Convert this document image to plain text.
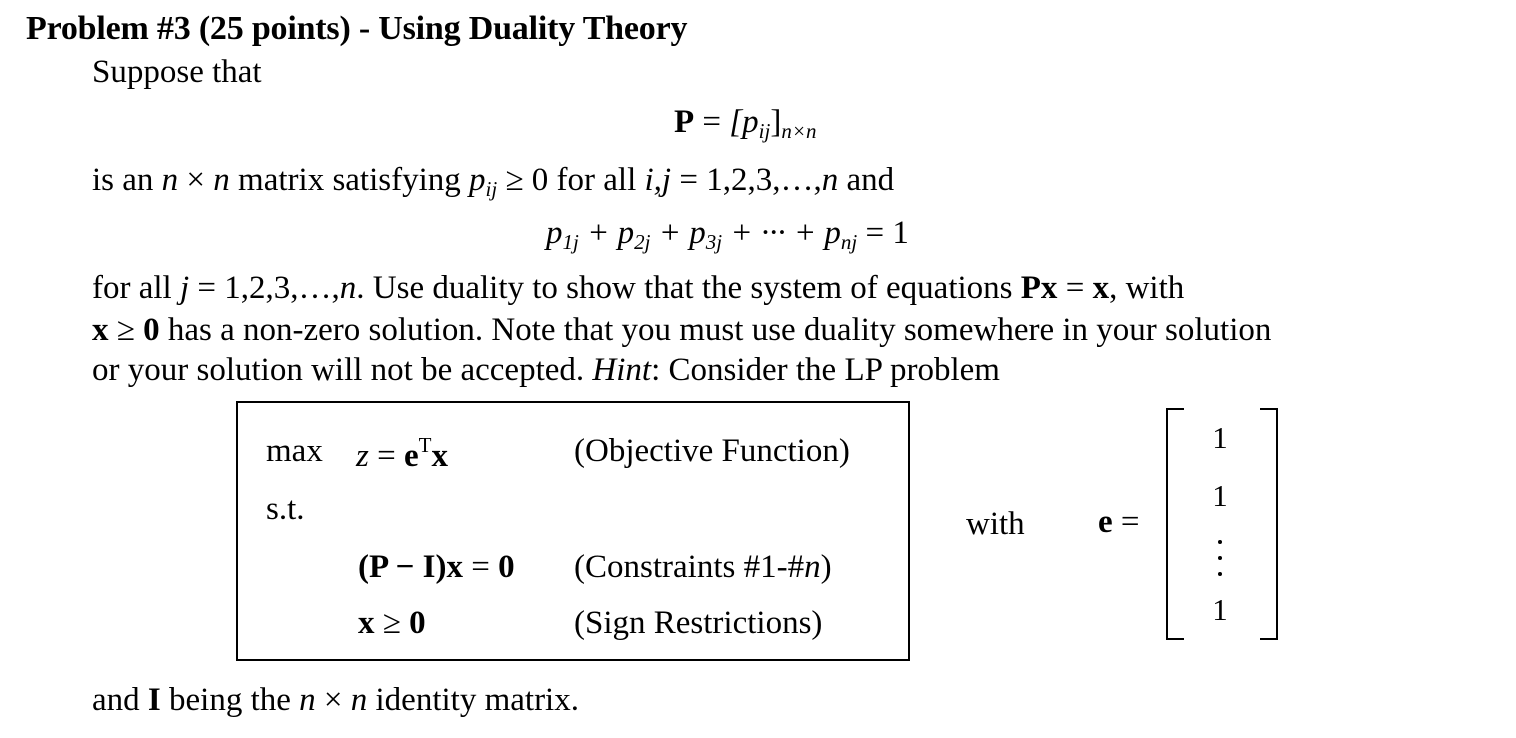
Problem #3 (25 points) - Using Duality Theory
Suppose that
$P = [p_{ij}]_{n\times n}$
is an n × n matrix satisfying $p_{ij} \ge 0$ for all i,j = 1,2,3,…,n and
$p_{1j} + p_{2j} + p_{3j}$ + ··· + $p_{nj} = 1$
for all j = 1,2,3,…,n. Use duality to show that the system of equations Px = x, with
x ≥ 0 has a non-zero solution. Note that you must use duality somewhere in your solution
or your solution will not be accepted. Hint: Consider the LP problem
$\max z = e^Tx$	(Objective Function)
s.t.
(P − I)x = 0 (Constraints #1-#n)
x ≥ 0	(Sign Restrictions)
with e =
1
1
1
and I being the n × n identity matrix.
